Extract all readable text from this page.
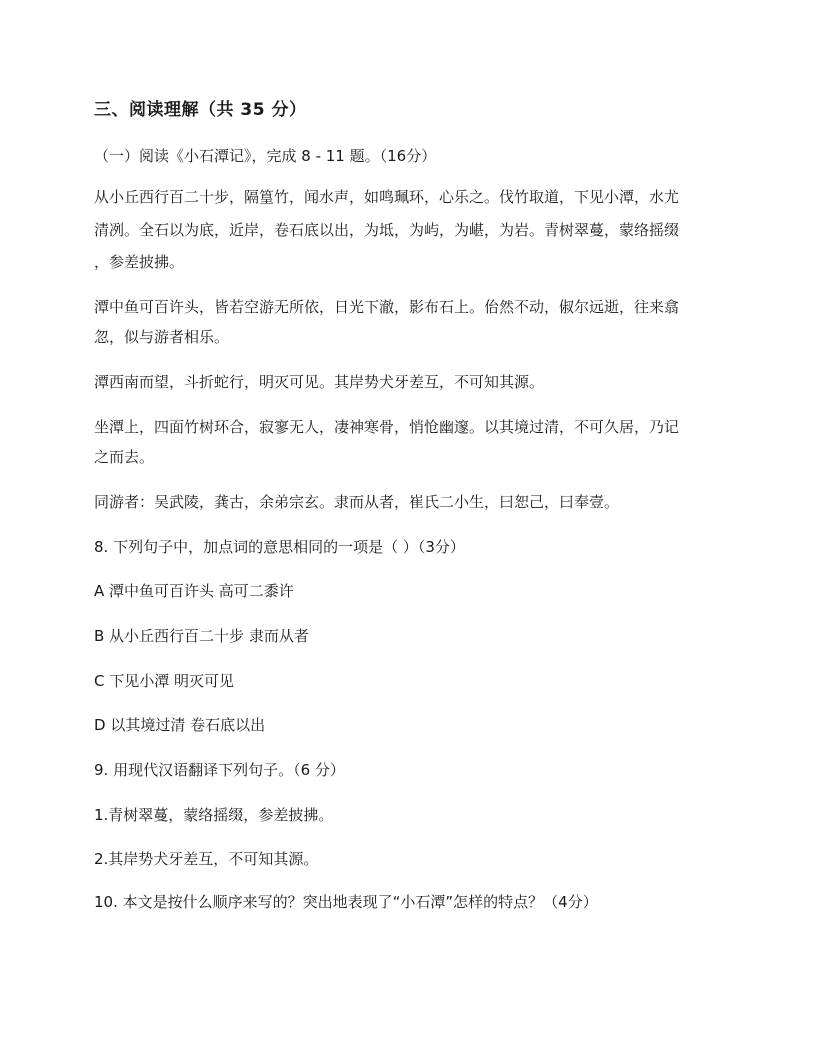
三、阅读理解（共 35 分）
（一）阅读《小石潭记》，完成 8 - 11 题。（16分）
从小丘西行百二十步，隔篁竹，闻水声，如鸣珮环，心乐之。伐竹取道，下见小潭，水尤
清冽。全石以为底，近岸，卷石底以出，为坻，为屿，为嵁，为岩。青树翠蔓，蒙络摇缀
，参差披拂。
潭中鱼可百许头，皆若空游无所依，日光下澈，影布石上。佁然不动，俶尔远逝，往来翕
忽，似与游者相乐。
潭西南而望，斗折蛇行，明灭可见。其岸势犬牙差互，不可知其源。
坐潭上，四面竹树环合，寂寥无人，凄神寒骨，悄怆幽邃。以其境过清，不可久居，乃记
之而去。
同游者：吴武陵，龚古，余弟宗玄。隶而从者，崔氏二小生，曰恕己，曰奉壹。
8. 下列句子中，加点词的意思相同的一项是（ ）（3分）
A 潭中鱼可百许头 高可二黍许
B 从小丘西行百二十步 隶而从者
C 下见小潭 明灭可见
D 以其境过清 卷石底以出
9. 用现代汉语翻译下列句子。（6 分）
1.青树翠蔓，蒙络摇缀，参差披拂。
2.其岸势犬牙差互，不可知其源。
10. 本文是按什么顺序来写的？突出地表现了“小石潭”怎样的特点？（4分）
